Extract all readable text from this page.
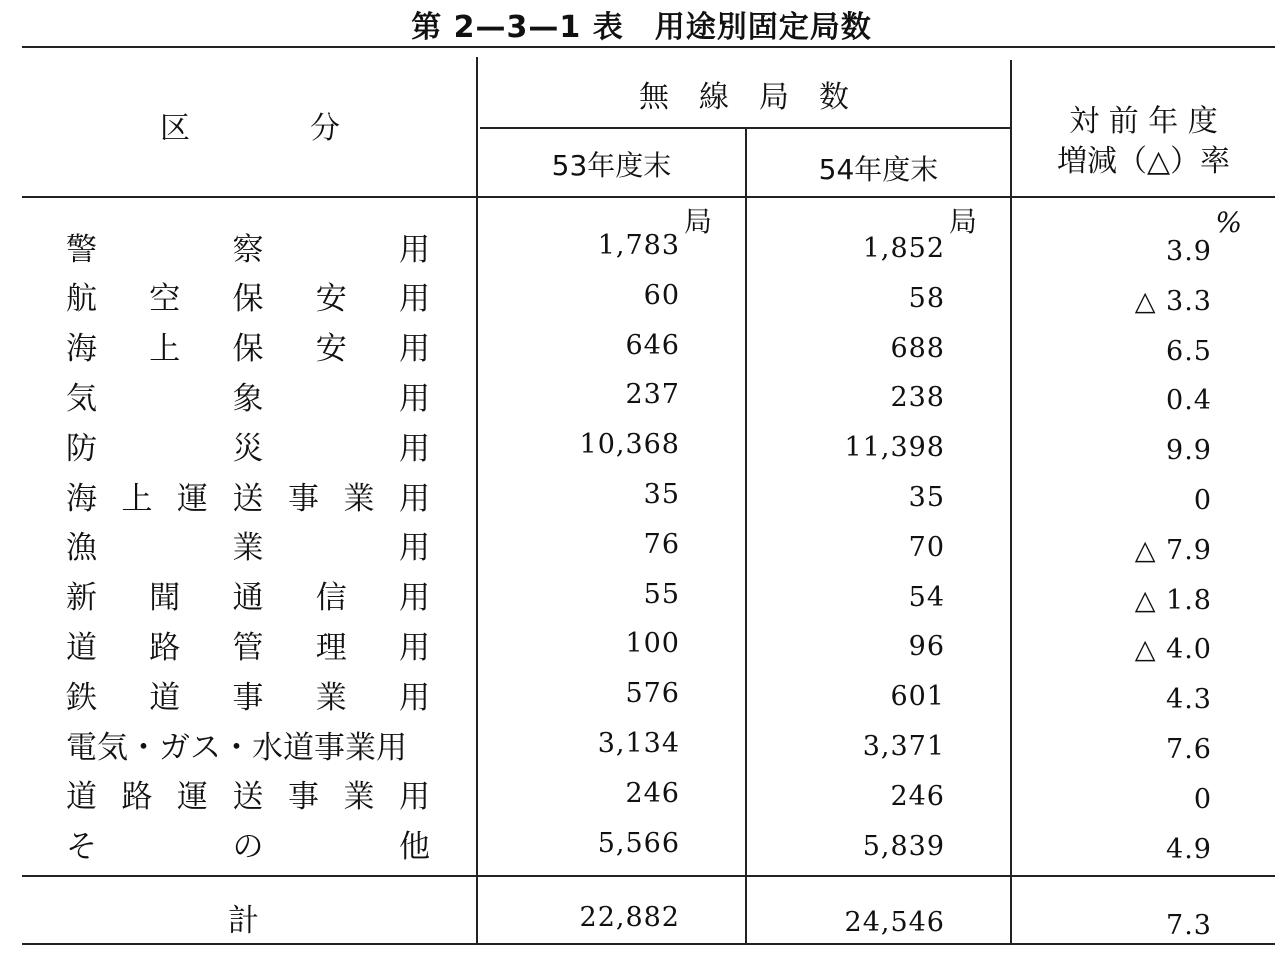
第 2—3—1 表　用途別固定局数
区　　　　分
無　線　局　数
53年度末	54年度末
対 前 年 度
増減（△）率
局	局	%
警	察	用	1,783	1,852	3.9
航 空 保 安 用	60	58	△ 3.3
海 上 保 安 用	646	688	6.5
気	象	用	237	238	0.4
防	災	用	10,368	11,398	9.9
海 上 運 送 事 業 用	35	35	0
漁	業	用	76	70	△ 7.9
新 聞 通 信 用	55	54	△ 1.8
道 路 管 理 用	100	96	△ 4.0
鉄 道 事 業 用	576	601	4.3
電気・ガス・水道事業用	3,134	3,371	7.6
道 路 運 送 事 業 用	246	246	0
そ	の	他	5,566	5,839	4.9
計	22,882	24,546	7.3
